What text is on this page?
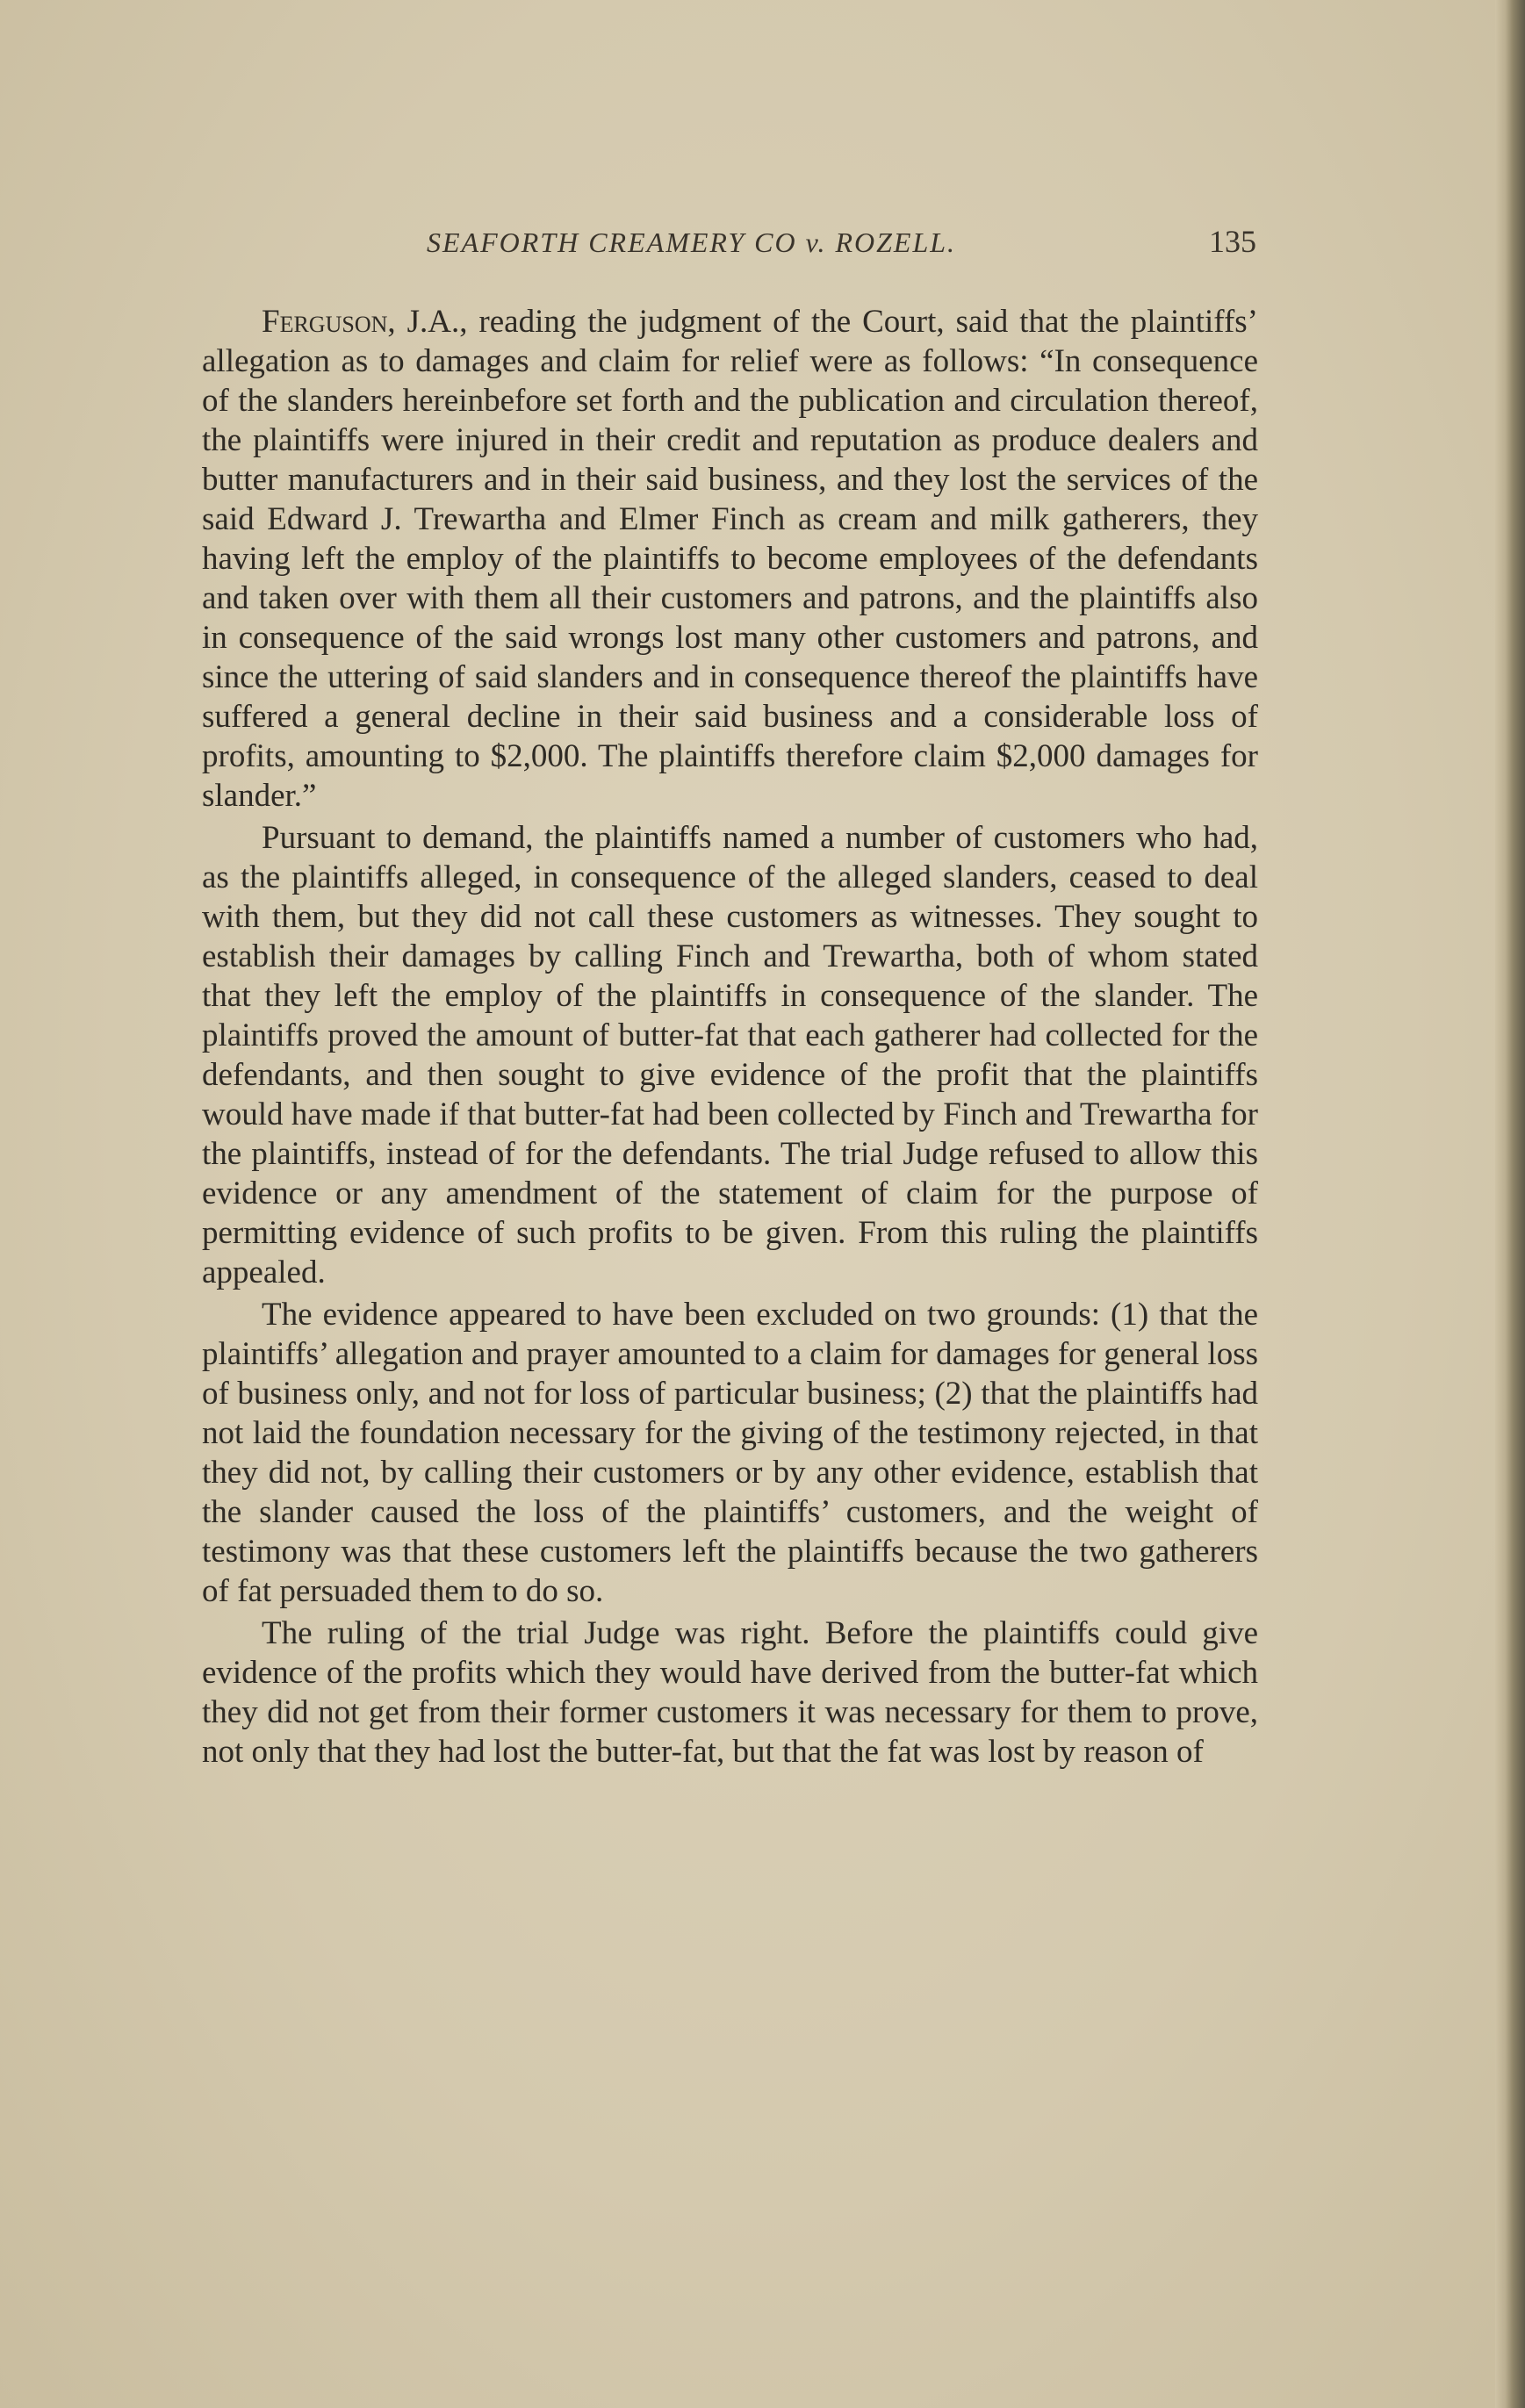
SEAFORTH CREAMERY CO v. ROZELL.	135

Ferguson, J.A., reading the judgment of the Court, said that the plaintiffs’ allegation as to damages and claim for relief were as follows: “In consequence of the slanders hereinbefore set forth and the publication and circulation thereof, the plaintiffs were injured in their credit and reputation as produce dealers and butter manufacturers and in their said business, and they lost the services of the said Edward J. Trewartha and Elmer Finch as cream and milk gatherers, they having left the employ of the plaintiffs to become employees of the defendants and taken over with them all their customers and patrons, and the plaintiffs also in consequence of the said wrongs lost many other customers and patrons, and since the uttering of said slanders and in consequence thereof the plaintiffs have suffered a general decline in their said business and a considerable loss of profits, amounting to $2,000. The plaintiffs therefore claim $2,000 damages for slander.”

Pursuant to demand, the plaintiffs named a number of customers who had, as the plaintiffs alleged, in consequence of the alleged slanders, ceased to deal with them, but they did not call these customers as witnesses. They sought to establish their damages by calling Finch and Trewartha, both of whom stated that they left the employ of the plaintiffs in consequence of the slander. The plaintiffs proved the amount of butter-fat that each gatherer had collected for the defendants, and then sought to give evidence of the profit that the plaintiffs would have made if that butter-fat had been collected by Finch and Trewartha for the plaintiffs, instead of for the defendants. The trial Judge refused to allow this evidence or any amendment of the statement of claim for the purpose of permitting evidence of such profits to be given. From this ruling the plaintiffs appealed.

The evidence appeared to have been excluded on two grounds: (1) that the plaintiffs’ allegation and prayer amounted to a claim for damages for general loss of business only, and not for loss of particular business; (2) that the plaintiffs had not laid the foundation necessary for the giving of the testimony rejected, in that they did not, by calling their customers or by any other evidence, establish that the slander caused the loss of the plaintiffs’ customers, and the weight of testimony was that these customers left the plaintiffs because the two gatherers of fat persuaded them to do so.

The ruling of the trial Judge was right. Before the plaintiffs could give evidence of the profits which they would have derived from the butter-fat which they did not get from their former customers it was necessary for them to prove, not only that they had lost the butter-fat, but that the fat was lost by reason of
